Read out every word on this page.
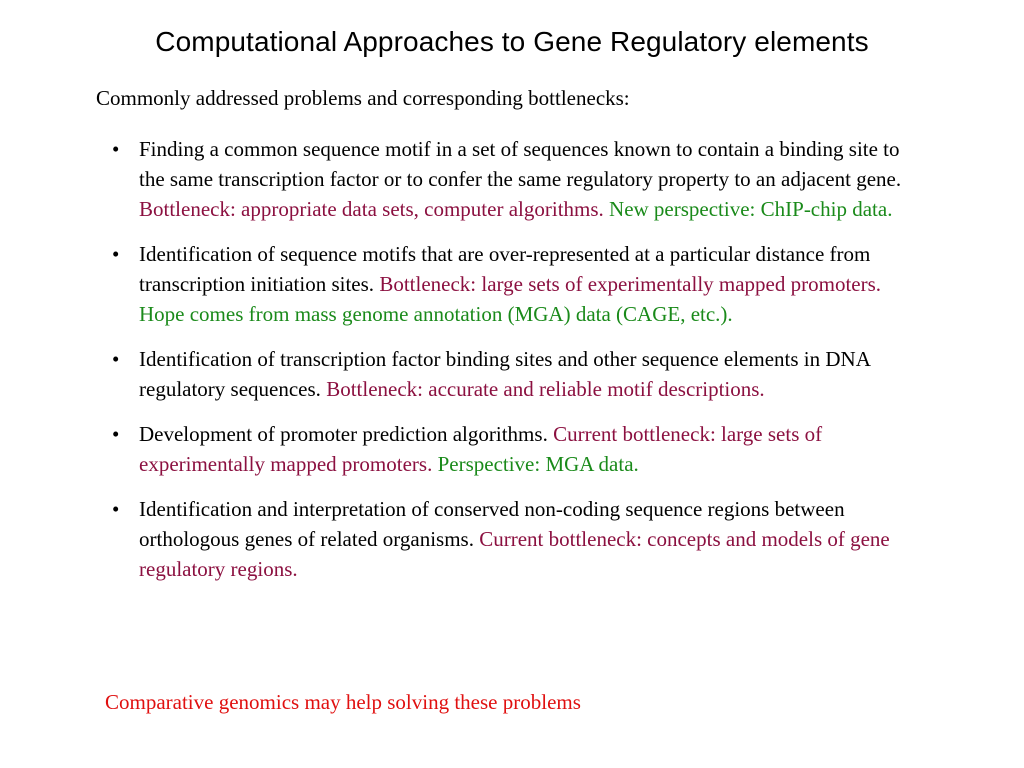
Computational Approaches to Gene Regulatory elements

Commonly addressed problems and corresponding bottlenecks:

• Finding a common sequence motif in a set of sequences known to contain a binding site to the same transcription factor or to confer the same regulatory property to an adjacent gene. Bottleneck: appropriate data sets, computer algorithms. New perspective: ChIP-chip data.
• Identification of sequence motifs that are over-represented at a particular distance from transcription initiation sites. Bottleneck: large sets of experimentally mapped promoters. Hope comes from mass genome annotation (MGA) data (CAGE, etc.).
• Identification of transcription factor binding sites and other sequence elements in DNA regulatory sequences. Bottleneck: accurate and reliable motif descriptions.
• Development of promoter prediction algorithms. Current bottleneck: large sets of experimentally mapped promoters. Perspective: MGA data.
• Identification and interpretation of conserved non-coding sequence regions between orthologous genes of related organisms. Current bottleneck: concepts and models of gene regulatory regions.

Comparative genomics may help solving these problems
